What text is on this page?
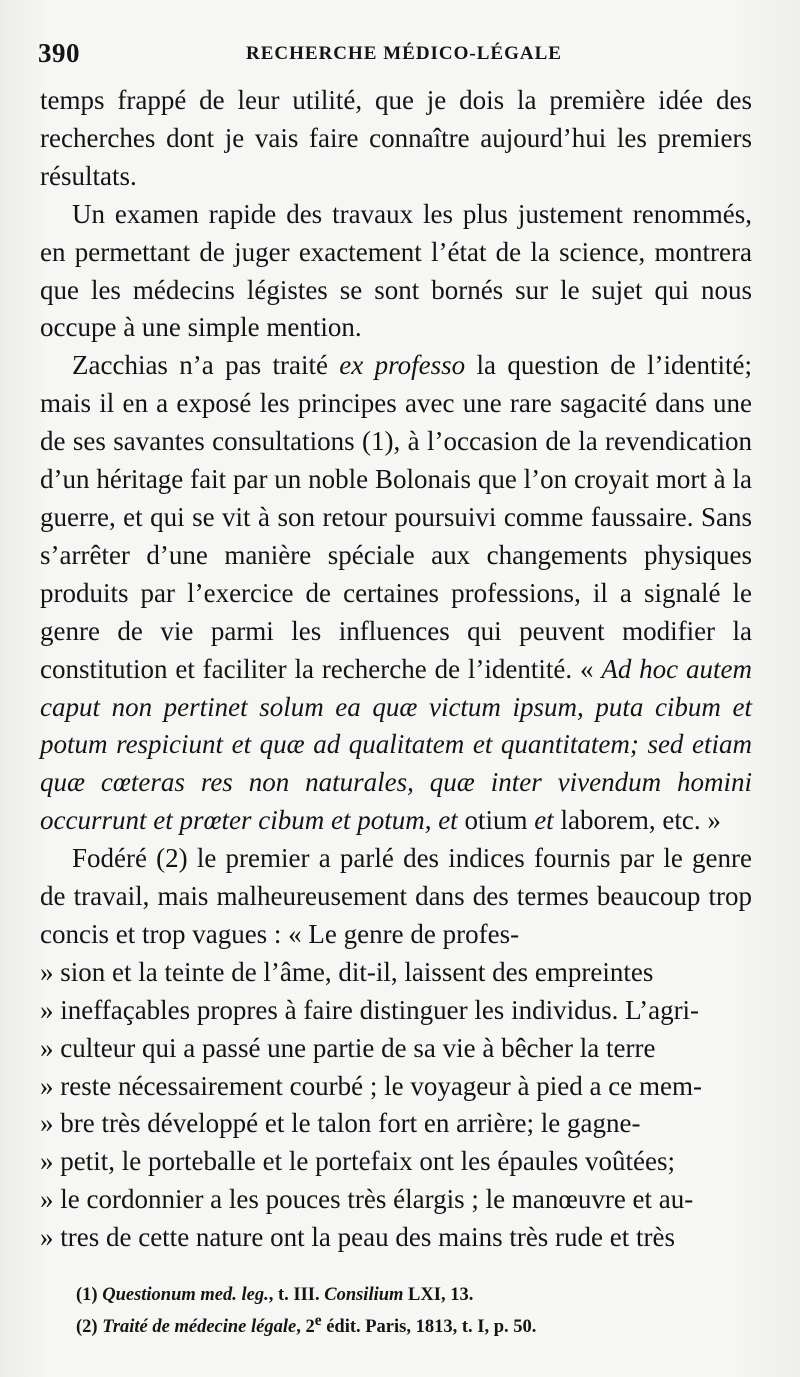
390	RECHERCHE MÉDICO-LÉGALE

temps frappé de leur utilité, que je dois la première idée des recherches dont je vais faire connaître aujourd’hui les premiers résultats.

Un examen rapide des travaux les plus justement renommés, en permettant de juger exactement l’état de la science, montrera que les médecins légistes se sont bornés sur le sujet qui nous occupe à une simple mention.

Zacchias n’a pas traité ex professo la question de l’identité; mais il en a exposé les principes avec une rare sagacité dans une de ses savantes consultations (1), à l’occasion de la revendication d’un héritage fait par un noble Bolonais que l’on croyait mort à la guerre, et qui se vit à son retour poursuivi comme faussaire. Sans s’arrêter d’une manière spéciale aux changements physiques produits par l’exercice de certaines professions, il a signalé le genre de vie parmi les influences qui peuvent modifier la constitution et faciliter la recherche de l’identité. « Ad hoc autem caput non pertinet solum ea quæ victum ipsum, puta cibum et potum respiciunt et quæ ad qualitatem et quantitatem; sed etiam quæ cœteras res non naturales, quæ inter vivendum homini occurrunt et prœter cibum et potum, et otium et laborem, etc. »

Fodéré (2) le premier a parlé des indices fournis par le genre de travail, mais malheureusement dans des termes beaucoup trop concis et trop vagues : « Le genre de profes-

» sion et la teinte de l’âme, dit-il, laissent des empreintes

» ineffaçables propres à faire distinguer les individus. L’agri-

» culteur qui a passé une partie de sa vie à bêcher la terre

» reste nécessairement courbé ; le voyageur à pied a ce mem-

» bre très développé et le talon fort en arrière; le gagne-

» petit, le porteballe et le portefaix ont les épaules voûtées;

» le cordonnier a les pouces très élargis ; le manœuvre et au-

» tres de cette nature ont la peau des mains très rude et très

(1) Questionum med. leg., t. III. Consilium LXI, 13.

(2) Traité de médecine légale, 2e édit. Paris, 1813, t. I, p. 50.
